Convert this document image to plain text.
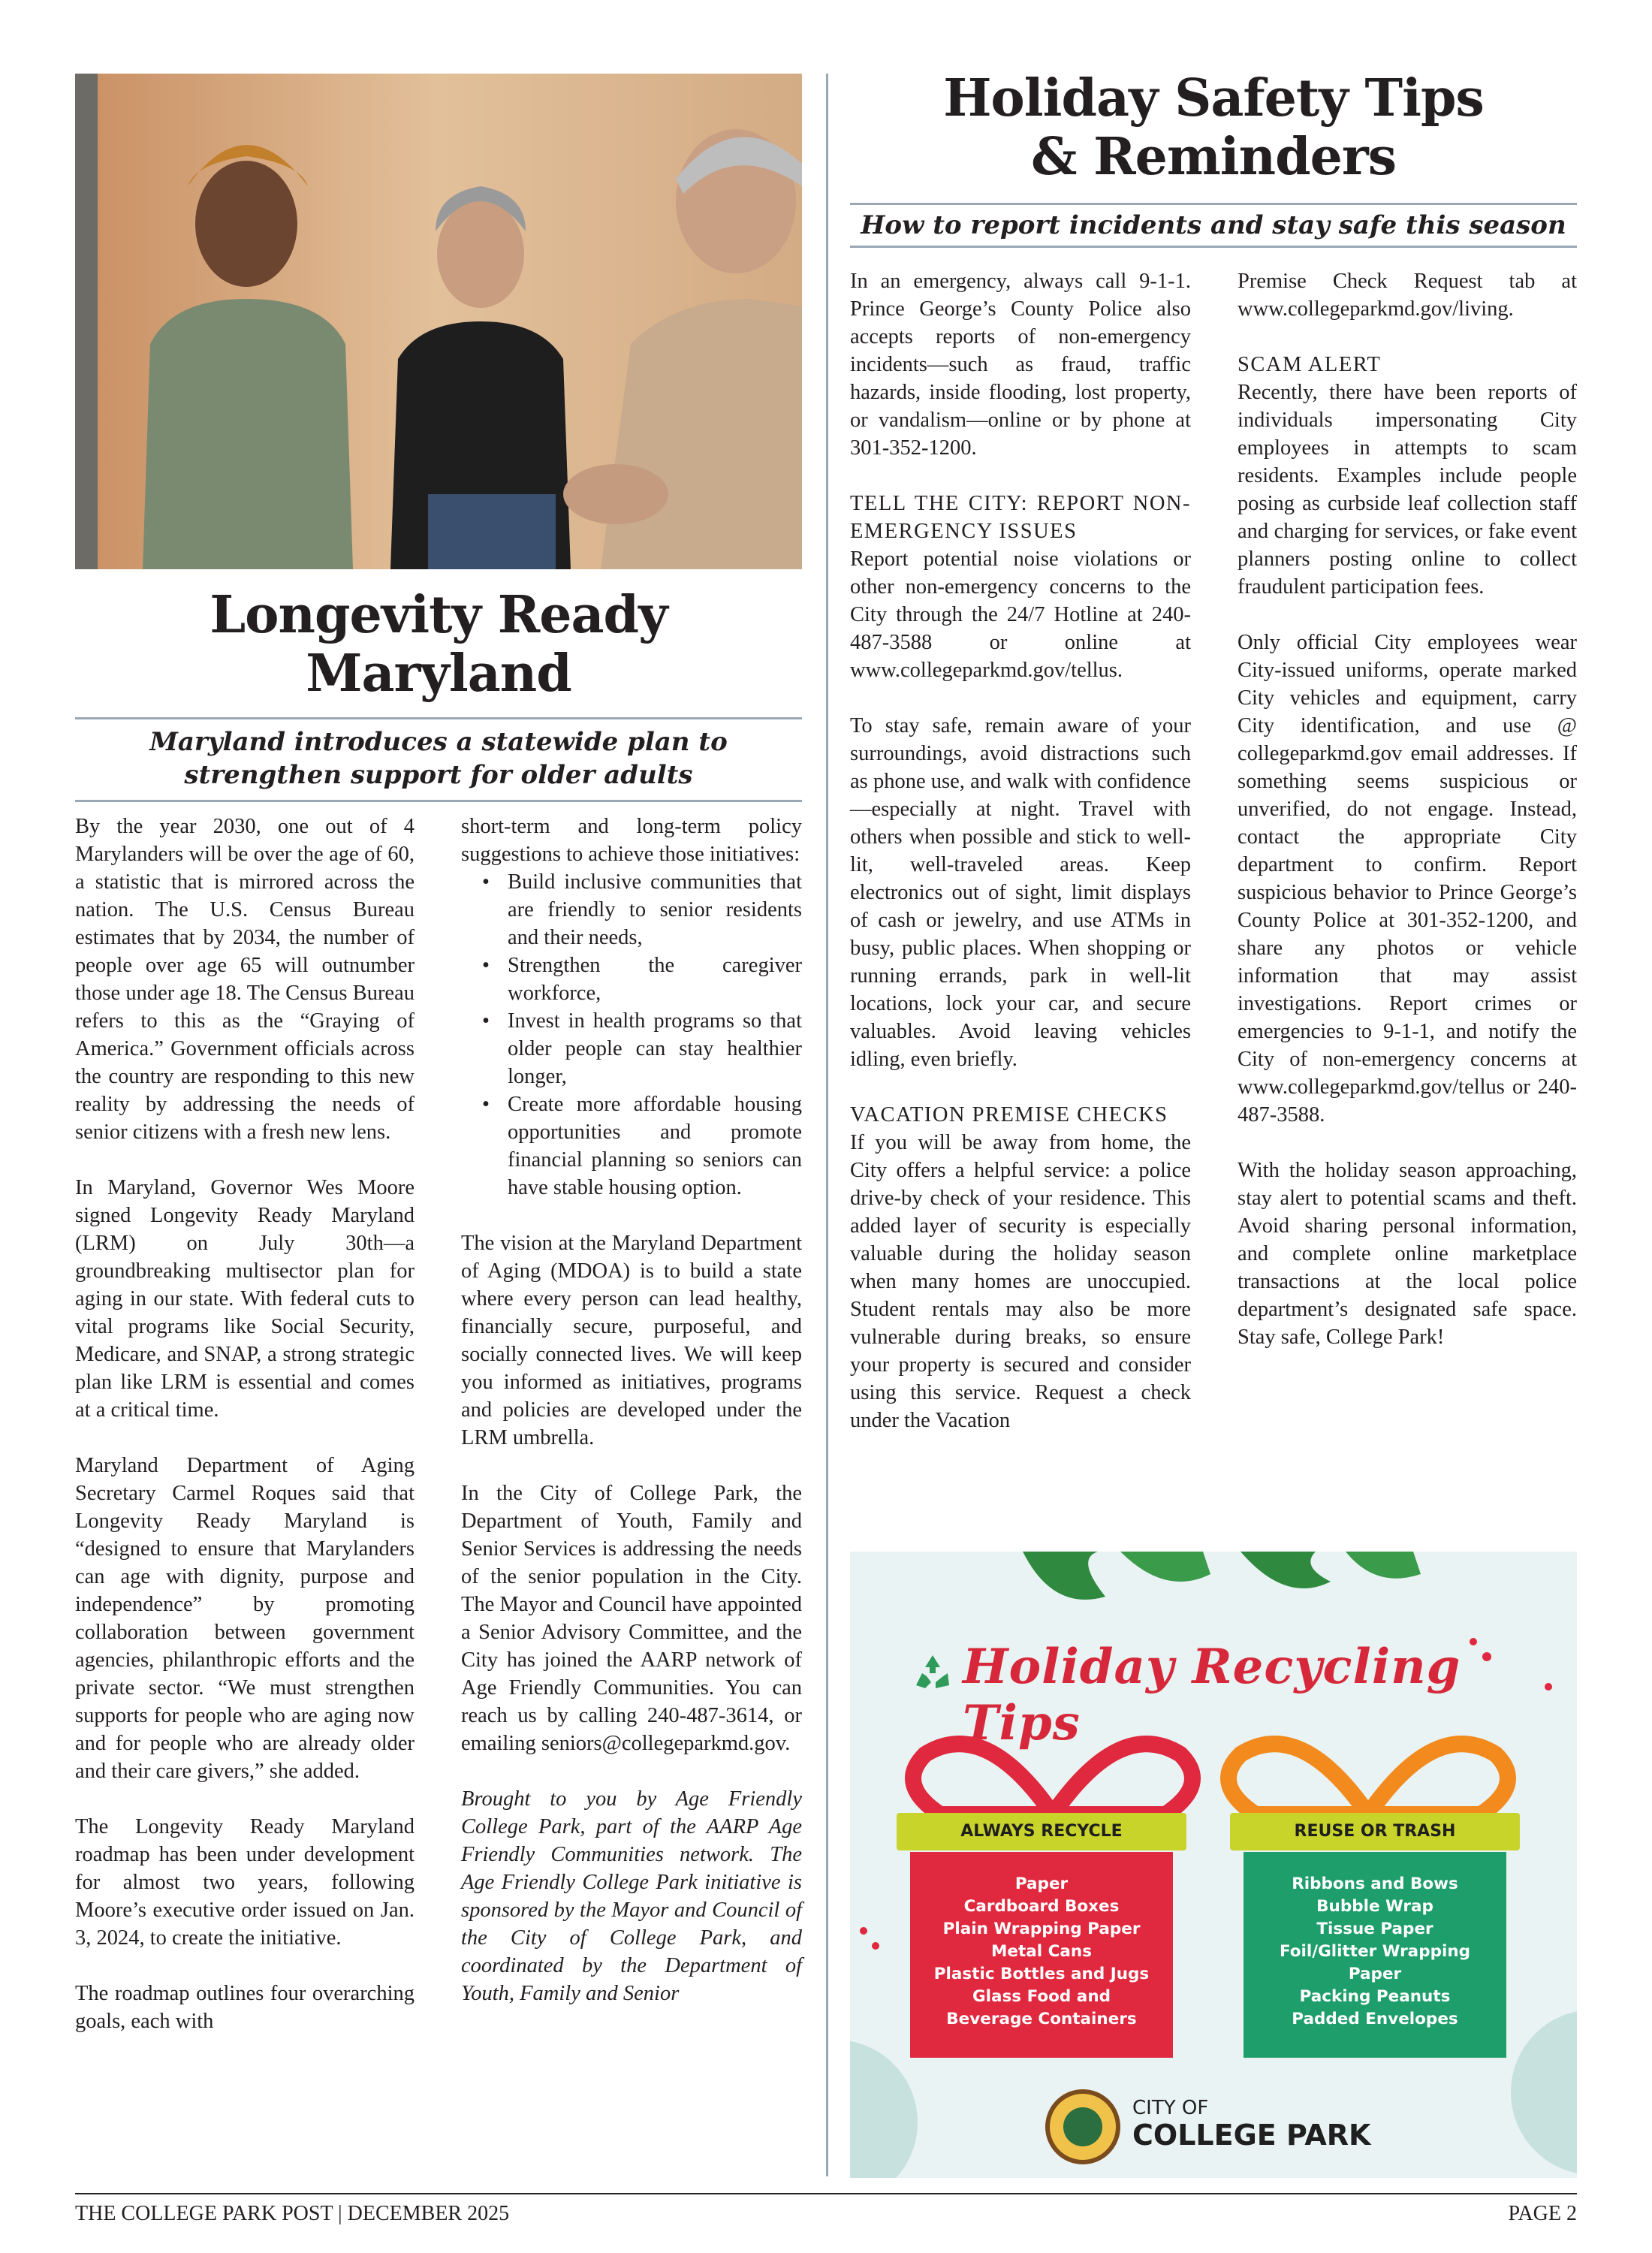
Longevity Ready
Maryland
Maryland introduces a statewide plan to strengthen support for older adults

By the year 2030, one out of 4 Marylanders will be over the age of 60, a statistic that is mirrored across the nation. The U.S. Census Bureau estimates that by 2034, the number of people over age 65 will outnumber those under age 18. The Census Bureau refers to this as the “Graying of America.” Government officials across the country are responding to this new reality by addressing the needs of senior citizens with a fresh new lens.

In Maryland, Governor Wes Moore signed Longevity Ready Maryland (LRM) on July 30th—a groundbreaking multisector plan for aging in our state. With federal cuts to vital programs like Social Security, Medicare, and SNAP, a strong strategic plan like LRM is essential and comes at a critical time.

Maryland Department of Aging Secretary Carmel Roques said that Longevity Ready Maryland is “designed to ensure that Marylanders can age with dignity, purpose and independence” by promoting collaboration between government agencies, philanthropic efforts and the private sector. “We must strengthen supports for people who are aging now and for people who are already older and their care givers,” she added.

The Longevity Ready Maryland roadmap has been under development for almost two years, following Moore’s executive order issued on Jan. 3, 2024, to create the initiative.

The roadmap outlines four overarching goals, each with

short-term and long-term policy suggestions to achieve those initiatives:

• Build inclusive communities that are friendly to senior residents and their needs,
• Strengthen the caregiver workforce,
• Invest in health programs so that older people can stay healthier longer,
• Create more affordable housing opportunities and promote financial planning so seniors can have stable housing option.

The vision at the Maryland Department of Aging (MDOA) is to build a state where every person can lead healthy, financially secure, purposeful, and socially connected lives. We will keep you informed as initiatives, programs and policies are developed under the LRM umbrella.

In the City of College Park, the Department of Youth, Family and Senior Services is addressing the needs of the senior population in the City. The Mayor and Council have appointed a Senior Advisory Committee, and the City has joined the AARP network of Age Friendly Communities. You can reach us by calling 240-487-3614, or emailing seniors@collegeparkmd.gov.

Brought to you by Age Friendly College Park, part of the AARP Age Friendly Communities network. The Age Friendly College Park initiative is sponsored by the Mayor and Council of the City of College Park, and coordinated by the Department of Youth, Family and Senior

Holiday Safety Tips
& Reminders
How to report incidents and stay safe this season

In an emergency, always call 9-1-1. Prince George’s County Police also accepts reports of non-emergency incidents—such as fraud, traffic hazards, inside flooding, lost property, or vandalism—online or by phone at 301-352-1200.

TELL THE CITY: REPORT NON-EMERGENCY ISSUES

Report potential noise violations or other non-emergency concerns to the City through the 24/7 Hotline at 240-487-3588 or online at www.collegeparkmd.gov/tellus.

To stay safe, remain aware of your surroundings, avoid distractions such as phone use, and walk with confidence—especially at night. Travel with others when possible and stick to well-lit, well-traveled areas. Keep electronics out of sight, limit displays of cash or jewelry, and use ATMs in busy, public places. When shopping or running errands, park in well-lit locations, lock your car, and secure valuables. Avoid leaving vehicles idling, even briefly.

VACATION PREMISE CHECKS

If you will be away from home, the City offers a helpful service: a police drive-by check of your residence. This added layer of security is especially valuable during the holiday season when many homes are unoccupied. Student rentals may also be more vulnerable during breaks, so ensure your property is secured and consider using this service. Request a check under the Vacation

Premise Check Request tab at www.collegeparkmd.gov/living.

SCAM ALERT

Recently, there have been reports of individuals impersonating City employees in attempts to scam residents. Examples include people posing as curbside leaf collection staff and charging for services, or fake event planners posting online to collect fraudulent participation fees.

Only official City employees wear City-issued uniforms, operate marked City vehicles and equipment, carry City identification, and use @ collegeparkmd.gov email addresses. If something seems suspicious or unverified, do not engage. Instead, contact the appropriate City department to confirm. Report suspicious behavior to Prince George’s County Police at 301-352-1200, and share any photos or vehicle information that may assist investigations. Report crimes or emergencies to 9-1-1, and notify the City of non-emergency concerns at www.collegeparkmd.gov/tellus or 240-487-3588.

With the holiday season approaching, stay alert to potential scams and theft. Avoid sharing personal information, and complete online marketplace transactions at the local police department’s designated safe space. Stay safe, College Park!

Holiday Recycling Tips
ALWAYS RECYCLE
Paper
Cardboard Boxes
Plain Wrapping Paper
Metal Cans
Plastic Bottles and Jugs
Glass Food and
Beverage Containers
REUSE OR TRASH
Ribbons and Bows
Bubble Wrap
Tissue Paper
Foil/Glitter Wrapping
Paper
Packing Peanuts
Padded Envelopes
CITY OF
COLLEGE PARK
THE COLLEGE PARK POST | DECEMBER 2025	PAGE 2
